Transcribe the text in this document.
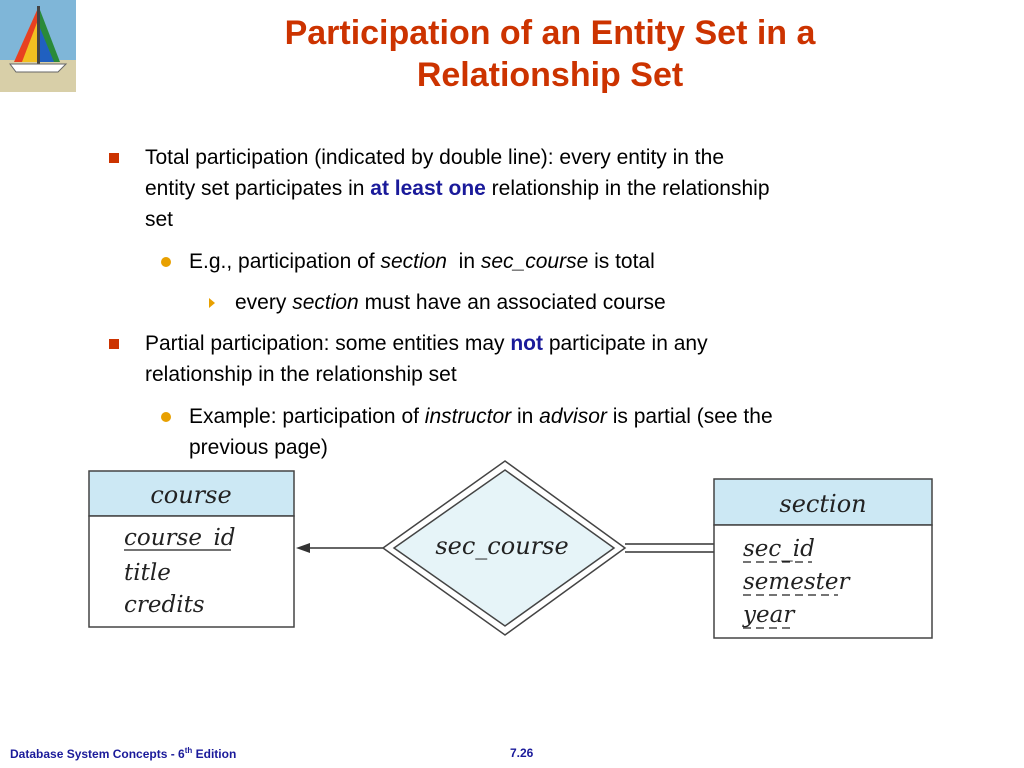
Participation of an Entity Set in a
Relationship Set
Total participation (indicated by double line): every entity in the
entity set participates in at least one relationship in the relationship
set
E.g., participation of section  in sec_course is total
every section must have an associated course
Partial participation: some entities may not participate in any
relationship in the relationship set
Example: participation of instructor in advisor is partial (see the
previous page)
course
course_id
title
credits
sec_course
section
sec_id
semester
year
Database System Concepts - 6th Edition	7.26
